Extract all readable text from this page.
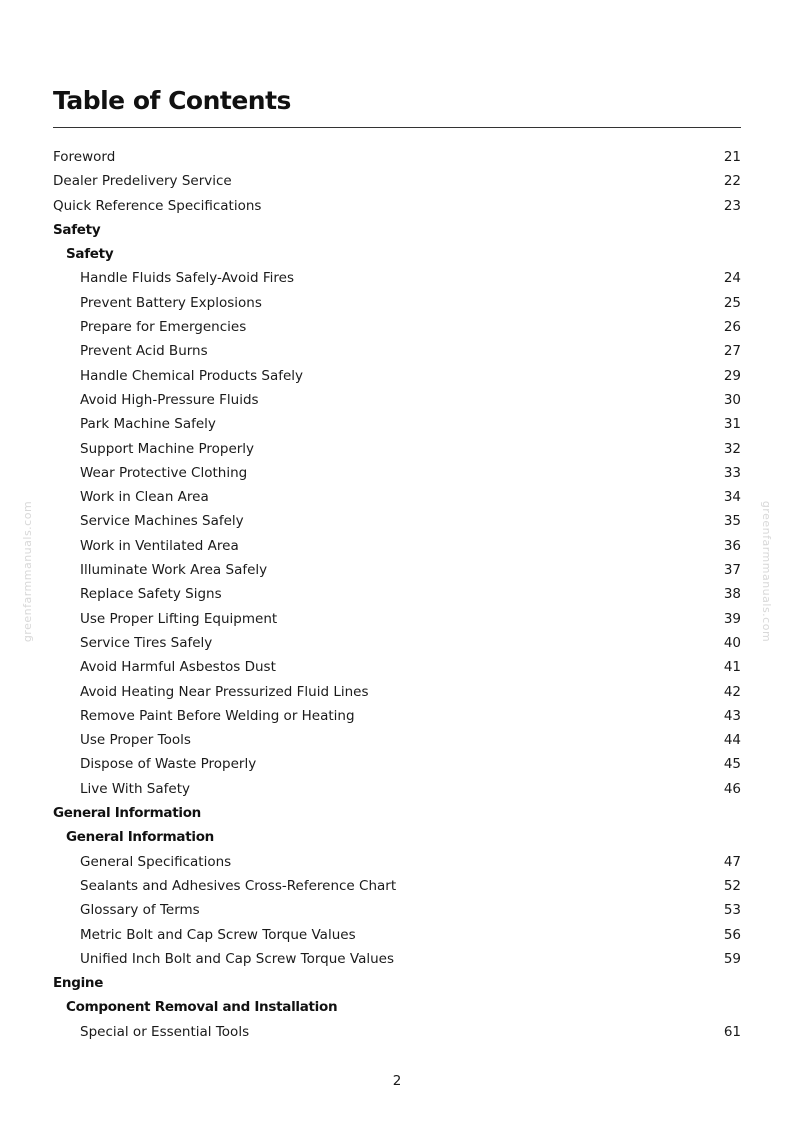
greenfarmmanuals.com	greenfarmmanuals.com
Table of Contents
Foreword	21
Dealer Predelivery Service	22
Quick Reference Specifications	23
Safety
Safety
Handle Fluids Safely-Avoid Fires	24
Prevent Battery Explosions	25
Prepare for Emergencies	26
Prevent Acid Burns	27
Handle Chemical Products Safely	29
Avoid High-Pressure Fluids	30
Park Machine Safely	31
Support Machine Properly	32
Wear Protective Clothing	33
Work in Clean Area	34
Service Machines Safely	35
Work in Ventilated Area	36
Illuminate Work Area Safely	37
Replace Safety Signs	38
Use Proper Lifting Equipment	39
Service Tires Safely	40
Avoid Harmful Asbestos Dust	41
Avoid Heating Near Pressurized Fluid Lines	42
Remove Paint Before Welding or Heating	43
Use Proper Tools	44
Dispose of Waste Properly	45
Live With Safety	46
General Information
General Information
General Specifications	47
Sealants and Adhesives Cross-Reference Chart	52
Glossary of Terms	53
Metric Bolt and Cap Screw Torque Values	56
Unified Inch Bolt and Cap Screw Torque Values	59
Engine
Component Removal and Installation
Special or Essential Tools	61
2
